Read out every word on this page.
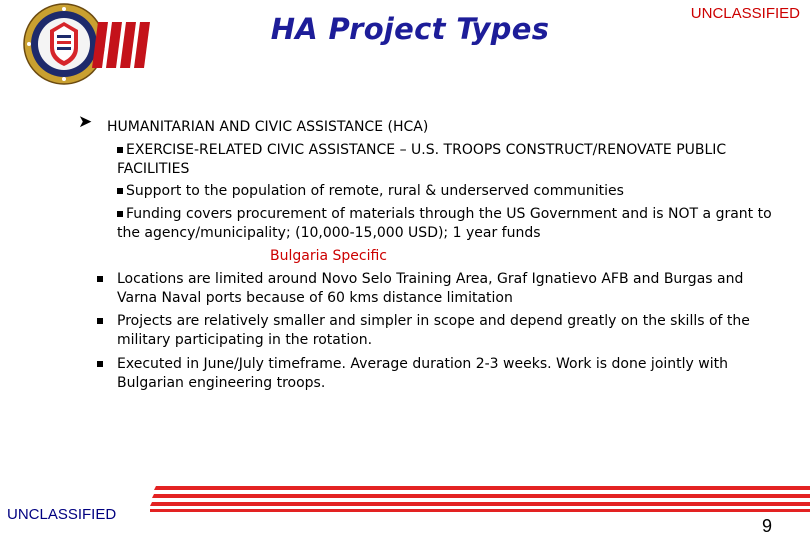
HA Project Types	UNCLASSIFIED
➤ HUMANITARIAN AND CIVIC ASSISTANCE (HCA)
EXERCISE-RELATED CIVIC ASSISTANCE – U.S. TROOPS CONSTRUCT/RENOVATE PUBLIC
FACILITIES
Support to the population of remote, rural & underserved communities
Funding covers procurement of materials through the US Government and is NOT a grant to
the agency/municipality; (10,000-15,000 USD); 1 year funds
Bulgaria Specific
Locations are limited around Novo Selo Training Area, Graf Ignatievo AFB and Burgas and
Varna Naval ports because of 60 kms distance limitation
Projects are relatively smaller and simpler in scope and depend greatly on the skills of the
military participating in the rotation.
Executed in June/July timeframe. Average duration 2-3 weeks. Work is done jointly with
Bulgarian engineering troops.
UNCLASSIFIED
9
